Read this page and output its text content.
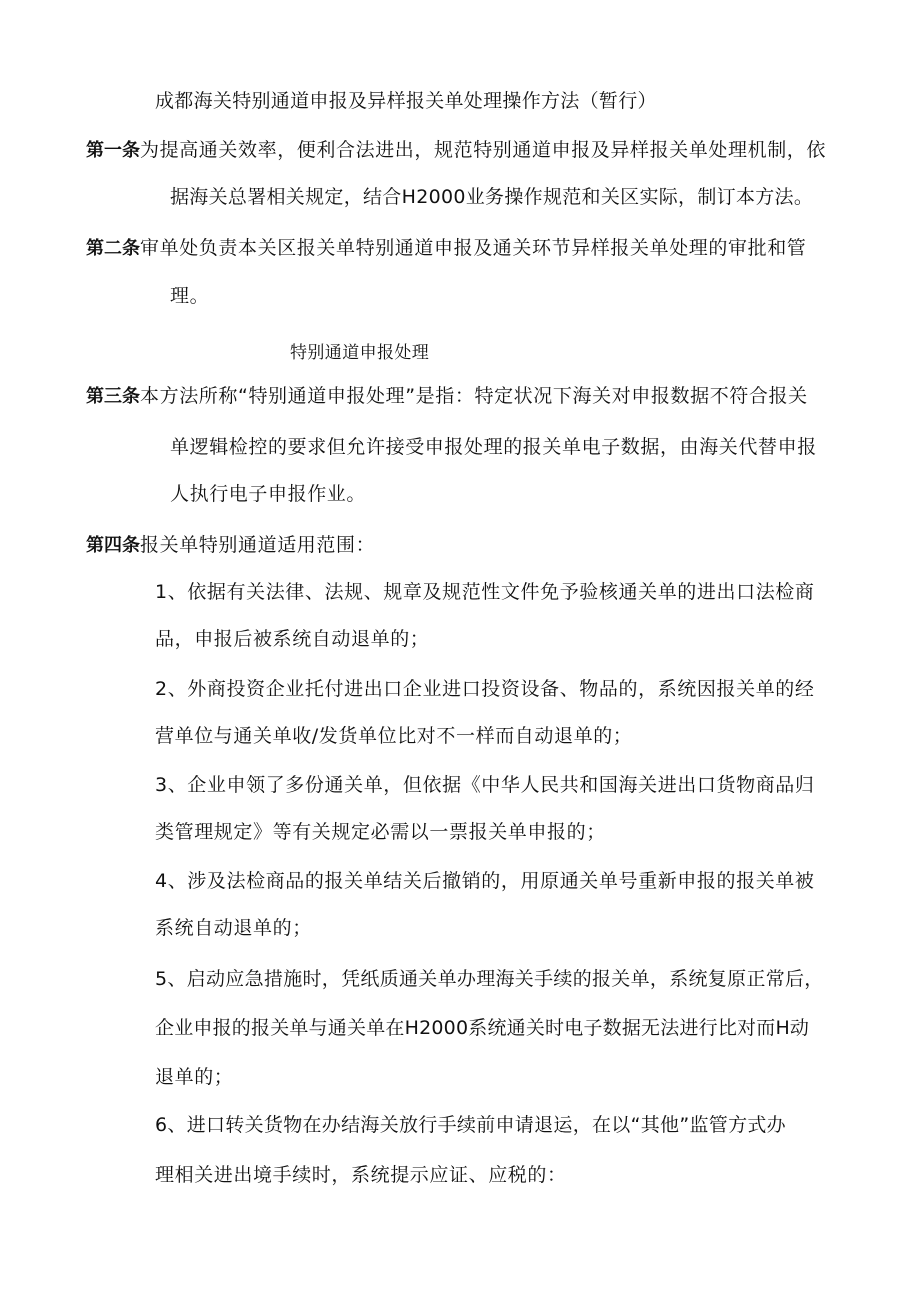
成都海关特别通道申报及异样报关单处理操作方法（暂行）
第一条为提高通关效率，便利合法进出，规范特别通道申报及异样报关单处理机制，依
据海关总署相关规定，结合H2000业务操作规范和关区实际，制订本方法。
第二条审单处负责本关区报关单特别通道申报及通关环节异样报关单处理的审批和管
理。
特别通道申报处理
第三条本方法所称“特别通道申报处理”是指：特定状况下海关对申报数据不符合报关
单逻辑检控的要求但允许接受申报处理的报关单电子数据，由海关代替申报
人执行电子申报作业。
第四条报关单特别通道适用范围：
1、依据有关法律、法规、规章及规范性文件免予验核通关单的进出口法检商
品，申报后被系统自动退单的；
2、外商投资企业托付进出口企业进口投资设备、物品的，系统因报关单的经
营单位与通关单收/发货单位比对不一样而自动退单的；
3、企业申领了多份通关单，但依据《中华人民共和国海关进出口货物商品归
类管理规定》等有关规定必需以一票报关单申报的；
4、涉及法检商品的报关单结关后撤销的，用原通关单号重新申报的报关单被
系统自动退单的；
5、启动应急措施时，凭纸质通关单办理海关手续的报关单，系统复原正常后，
企业申报的报关单与通关单在H2000系统通关时电子数据无法进行比对而H动
退单的；
6、进口转关货物在办结海关放行手续前申请退运，在以“其他”监管方式办
理相关进出境手续时，系统提示应证、应税的：
